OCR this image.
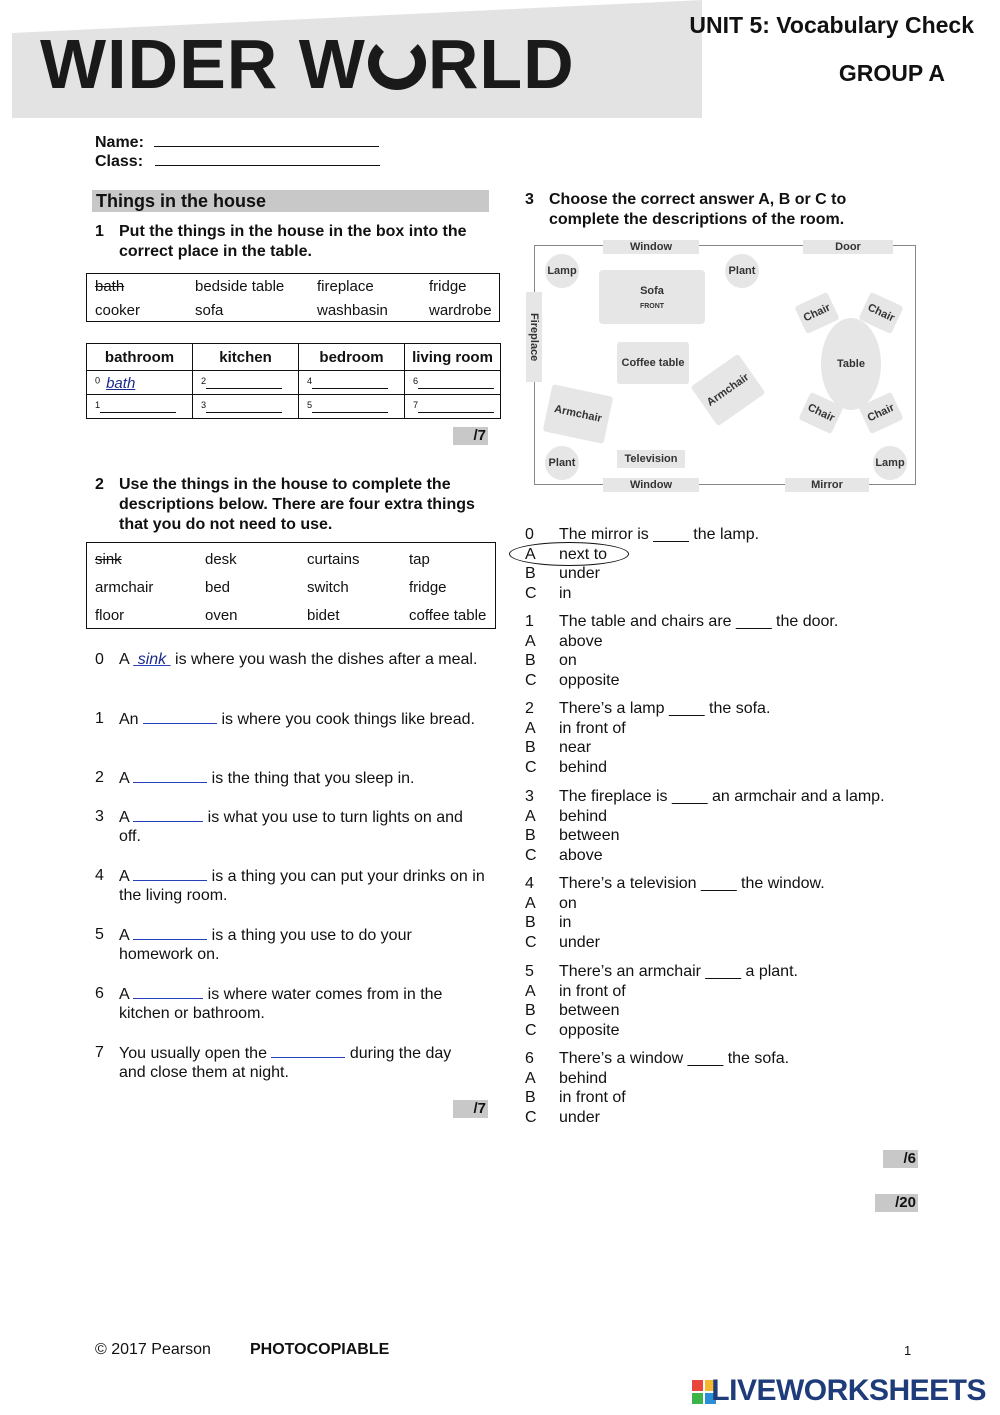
WIDER W RLD	UNIT 5: Vocabulary Check
GROUP A
Name:
Class:
Things in the house
1 Put the things in the house in the box into the correct place in the table.
bath	bedside table	fireplace	fridge
cooker	sofa	washbasin	wardrobe
bathroom	kitchen	bedroom	living room
$^0$ bath	$^2$	$^4$	$^6$
$^1$	$^3$	$^5$	$^7$
/7
2 Use the things in the house to complete the descriptions below. There are four extra things that you do not need to use.
sink	desk	curtains	tap
armchair	bed	switch	fridge
floor	oven	bidet	coffee table
0 A  sink  is where you wash the dishes after a meal.
1 An	is where you cook things like bread.
2 A	is the thing that you sleep in.
3 A	is what you use to turn lights on and off.
4 A	is a thing you can put your drinks on in the living room.
5 A	is a thing you use to do your homework on.
6 A	is where water comes from in the kitchen or bathroom.
7 You usually open the	during the day and close them at night.
/7
3 Choose the correct answer A, B or C to complete the descriptions of the room.
Window	Door
Lamp	Plant
Sofa
FRONT
Fireplace
Coffee table	Table
Chair	Chair
Chair	Chair
Armchair
Armchair
Plant	Television	Lamp
Window	Mirror
0 The mirror is ____ the lamp.
A next to
B under
C in
1 The table and chairs are ____ the door.
A above
B on
C opposite
2 There’s a lamp ____ the sofa.
A in front of
B near
C behind
3 The fireplace is ____ an armchair and a lamp.
A behind
B between
C above
4 There’s a television ____ the window.
A on
B in
C under
5 There’s an armchair ____ a plant.
A in front of
B between
C opposite
6 There’s a window ____ the sofa.
A behind
B in front of
C under
/6
/20
© 2017 Pearson PHOTOCOPIABLE	1
LIVEWORKSHEETS
